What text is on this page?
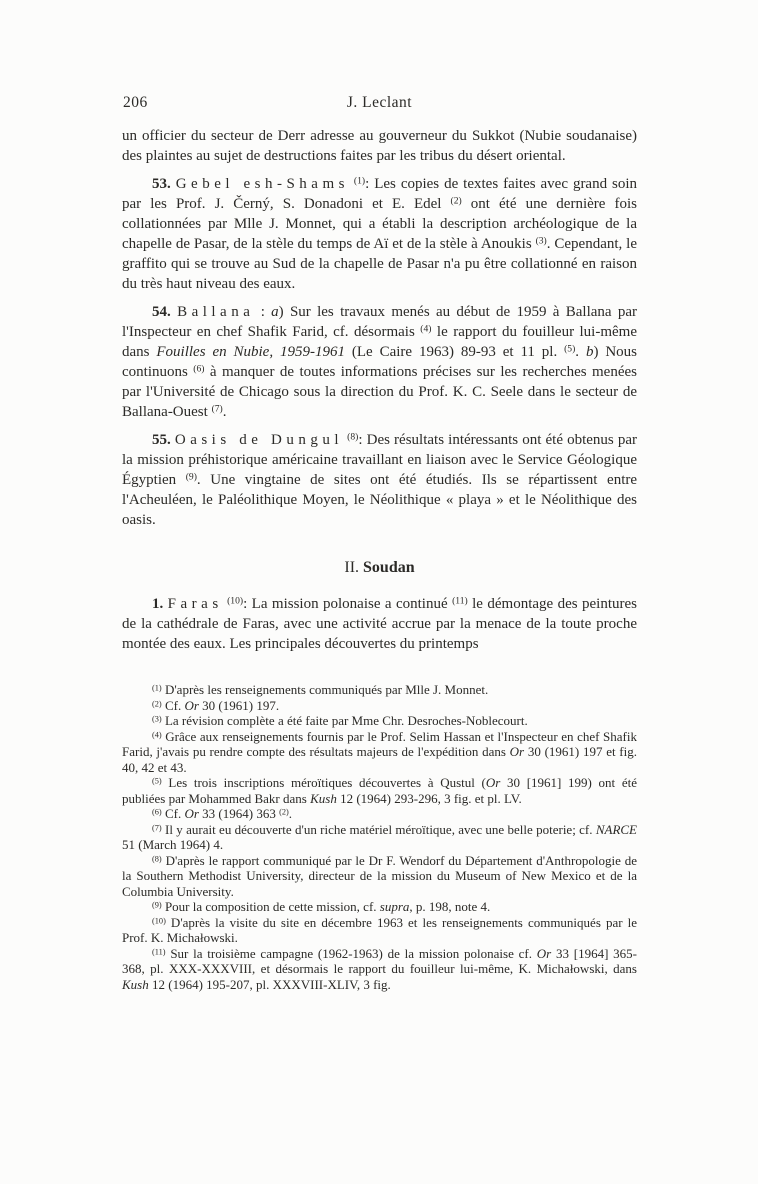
206	J. Leclant

un officier du secteur de Derr adresse au gouverneur du Sukkot (Nubie soudanaise) des plaintes au sujet de destructions faites par les tribus du désert oriental.

53. Gebel esh-Shams $^{(1)}$: Les copies de textes faites avec grand soin par les Prof. J. Černý, S. Donadoni et E. Edel $^{(2)}$ ont été une dernière fois collationnées par Mlle J. Monnet, qui a établi la description archéologique de la chapelle de Pasar, de la stèle du temps de Aï et de la stèle à Anoukis $^{(3)}$. Cependant, le graffito qui se trouve au Sud de la chapelle de Pasar n'a pu être collationné en raison du très haut niveau des eaux.

54. Ballana : a) Sur les travaux menés au début de 1959 à Ballana par l'Inspecteur en chef Shafik Farid, cf. désormais $^{(4)}$ le rapport du fouilleur lui-même dans Fouilles en Nubie, 1959-1961 (Le Caire 1963) 89-93 et 11 pl. $^{(5)}$. b) Nous continuons $^{(6)}$ à manquer de toutes informations précises sur les recherches menées par l'Université de Chicago sous la direction du Prof. K. C. Seele dans le secteur de Ballana-Ouest $^{(7)}$.

55. Oasis de Dungul $^{(8)}$: Des résultats intéressants ont été obtenus par la mission préhistorique américaine travaillant en liaison avec le Service Géologique Égyptien $^{(9)}$. Une vingtaine de sites ont été étudiés. Ils se répartissent entre l'Acheuléen, le Paléolithique Moyen, le Néolithique « playa » et le Néolithique des oasis.

II. Soudan

1. Faras $^{(10)}$: La mission polonaise a continué $^{(11)}$ le démontage des peintures de la cathédrale de Faras, avec une activité accrue par la menace de la toute proche montée des eaux. Les principales découvertes du printemps

$^{(1)}$ D'après les renseignements communiqués par Mlle J. Monnet.

$^{(2)}$ Cf. Or 30 (1961) 197.

$^{(3)}$ La révision complète a été faite par Mme Chr. Desroches-Noblecourt.

$^{(4)}$ Grâce aux renseignements fournis par le Prof. Selim Hassan et l'Inspecteur en chef Shafik Farid, j'avais pu rendre compte des résultats majeurs de l'expédition dans Or 30 (1961) 197 et fig. 40, 42 et 43.

$^{(5)}$ Les trois inscriptions méroïtiques découvertes à Qustul (Or 30 [1961] 199) ont été publiées par Mohammed Bakr dans Kush 12 (1964) 293-296, 3 fig. et pl. LV.

$^{(6)}$ Cf. Or 33 (1964) 363 $^{(2)}$.

$^{(7)}$ Il y aurait eu découverte d'un riche matériel méroïtique, avec une belle poterie; cf. NARCE 51 (March 1964) 4.

$^{(8)}$ D'après le rapport communiqué par le Dr F. Wendorf du Département d'Anthropologie de la Southern Methodist University, directeur de la mission du Museum of New Mexico et de la Columbia University.

$^{(9)}$ Pour la composition de cette mission, cf. supra, p. 198, note 4.

$^{(10)}$ D'après la visite du site en décembre 1963 et les renseignements communiqués par le Prof. K. Michałowski.

$^{(11)}$ Sur la troisième campagne (1962-1963) de la mission polonaise cf. Or 33 [1964] 365-368, pl. XXX-XXXVIII, et désormais le rapport du fouilleur lui-même, K. Michałowski, dans Kush 12 (1964) 195-207, pl. XXXVIII-XLIV, 3 fig.
